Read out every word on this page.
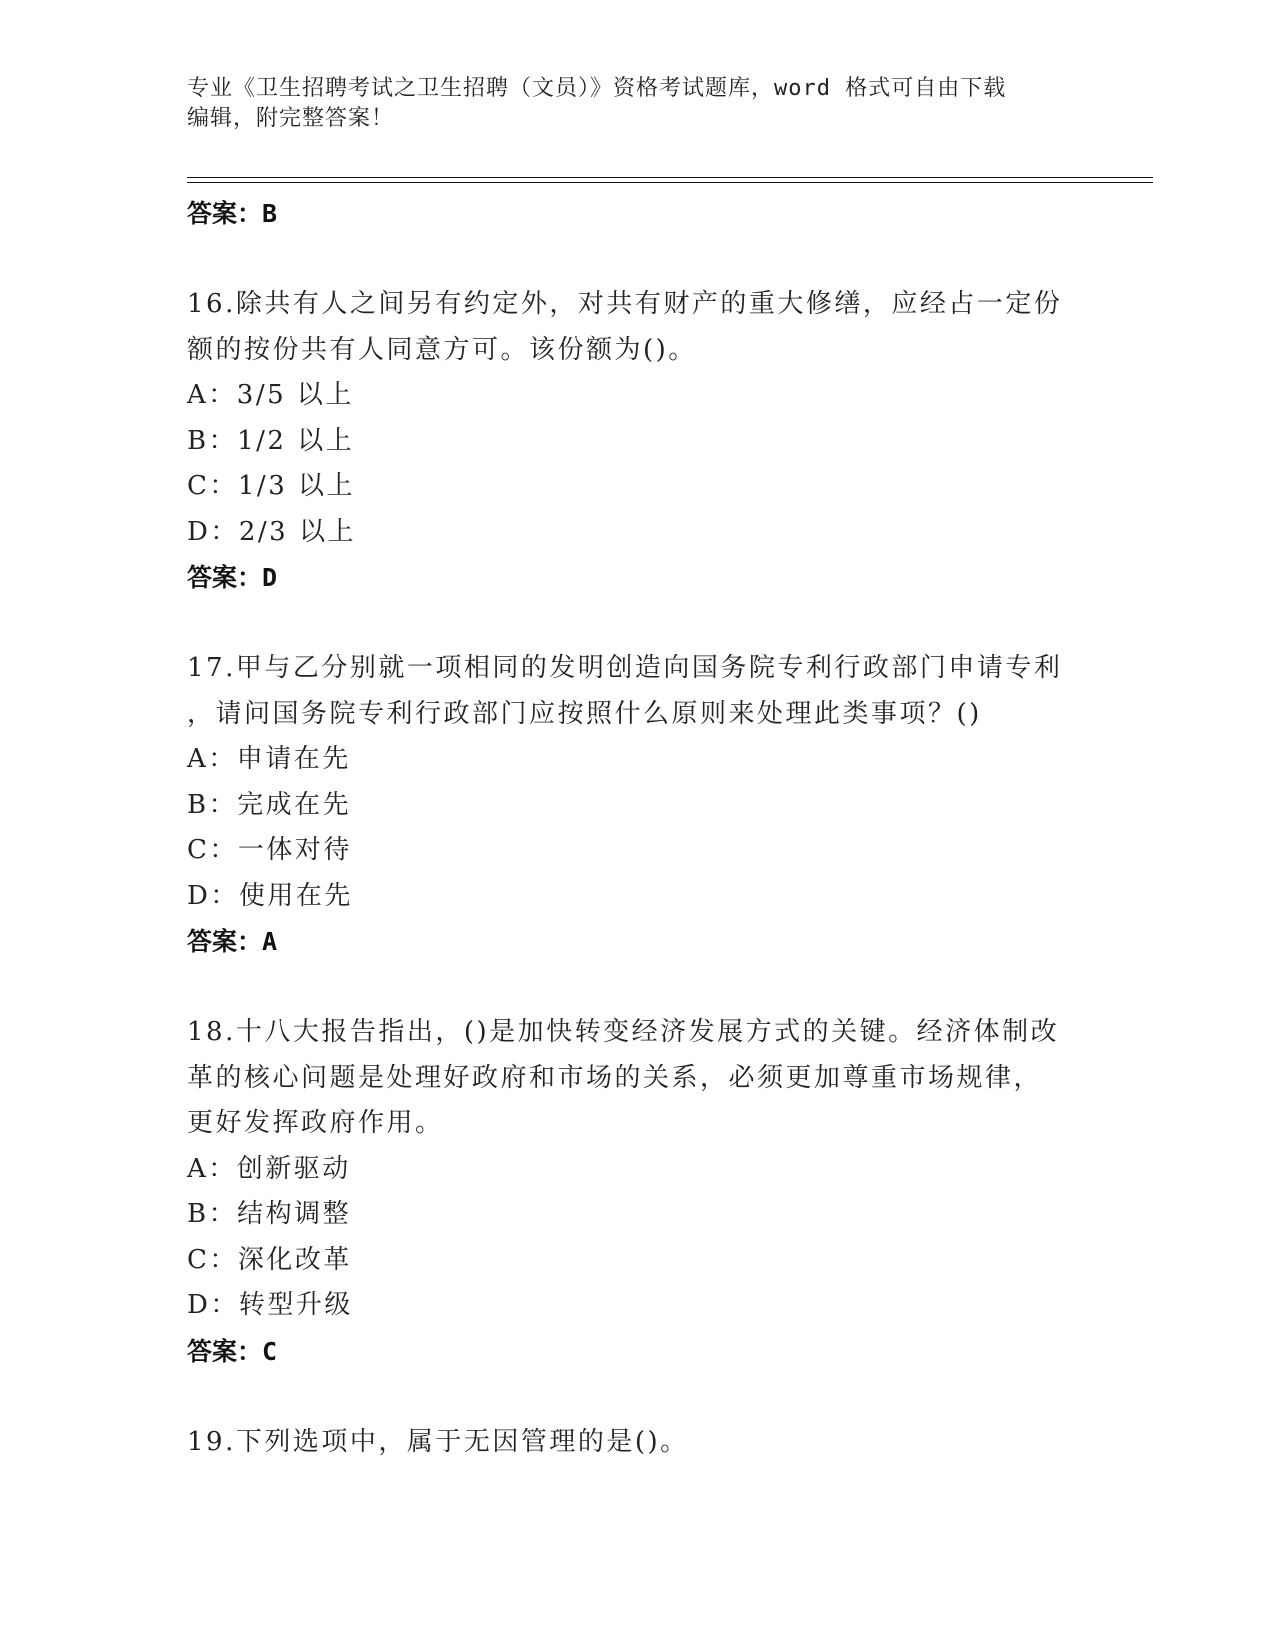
专业《卫生招聘考试之卫生招聘（文员）》资格考试题库，word 格式可自由下载
编辑，附完整答案！
答案：B
16.除共有人之间另有约定外，对共有财产的重大修缮，应经占一定份
额的按份共有人同意方可。该份额为()。
A：3/5 以上
B：1/2 以上
C：1/3 以上
D：2/3 以上
答案：D
17.甲与乙分别就一项相同的发明创造向国务院专利行政部门申请专利
，请问国务院专利行政部门应按照什么原则来处理此类事项？()
A：申请在先
B：完成在先
C：一体对待
D：使用在先
答案：A
18.十八大报告指出，()是加快转变经济发展方式的关键。经济体制改
革的核心问题是处理好政府和市场的关系，必须更加尊重市场规律，
更好发挥政府作用。
A：创新驱动
B：结构调整
C：深化改革
D：转型升级
答案：C
19.下列选项中，属于无因管理的是()。
